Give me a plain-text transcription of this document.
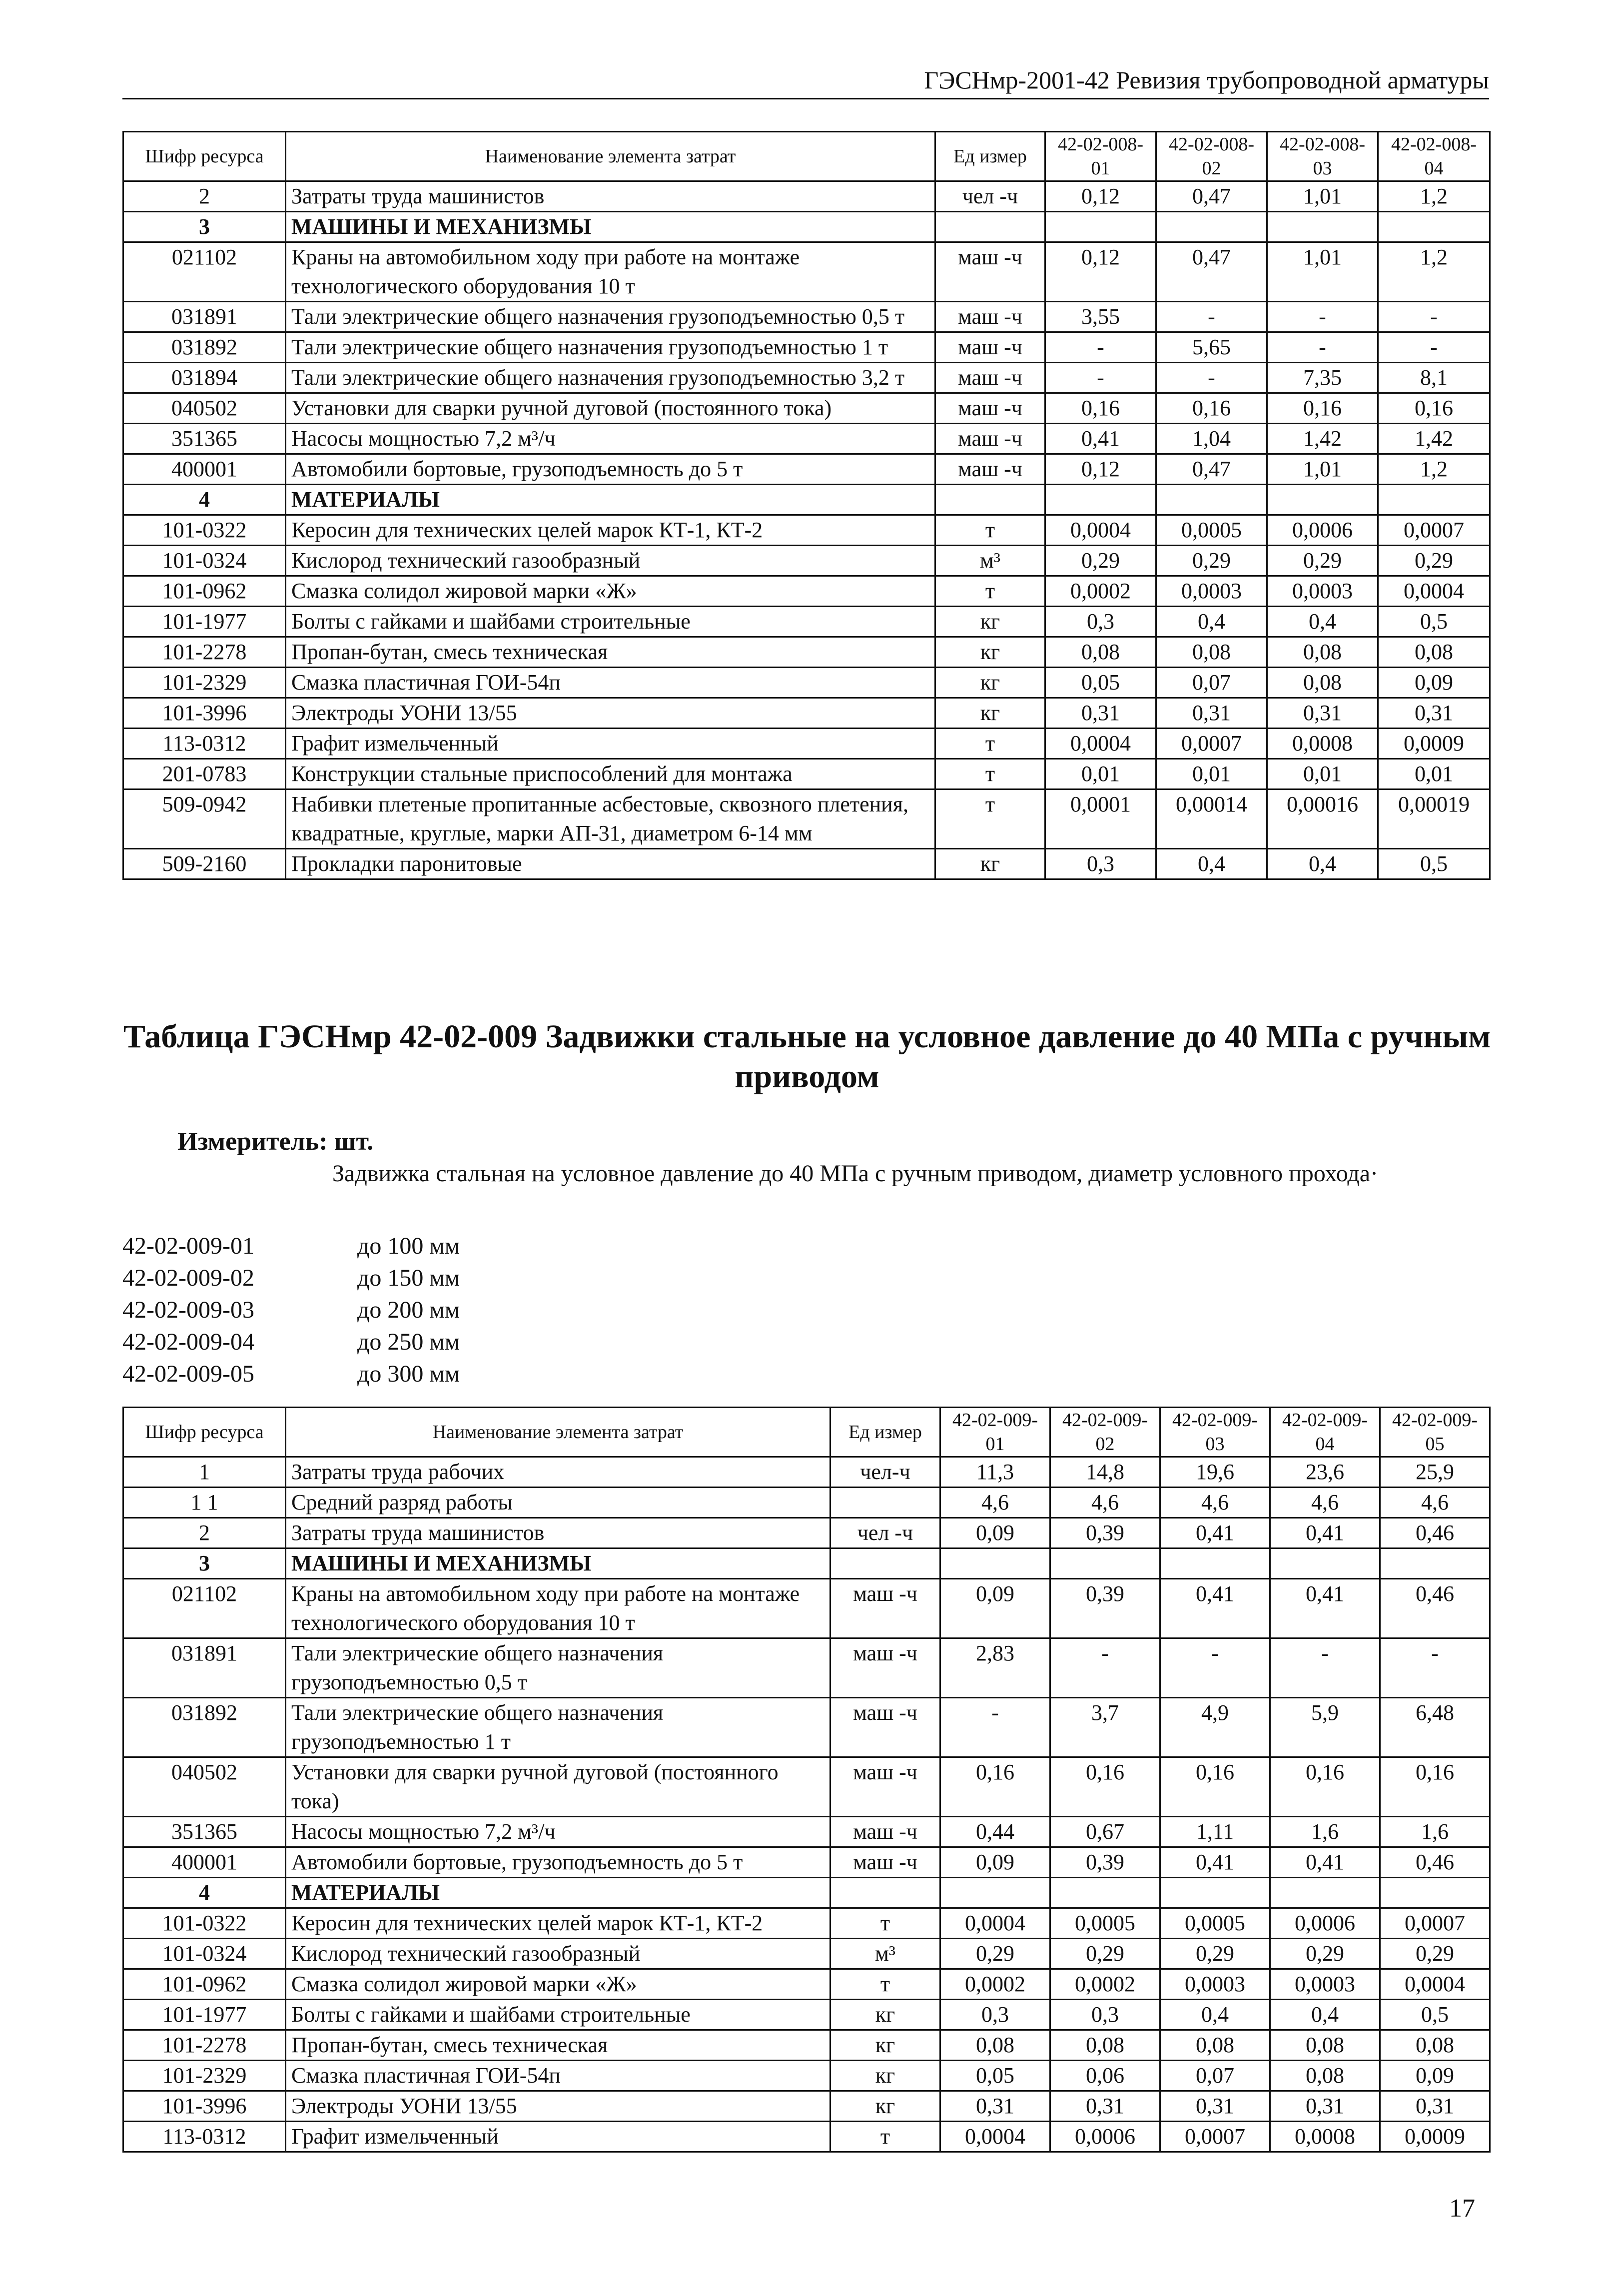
ГЭСНмр-2001-42 Ревизия трубопроводной арматуры
Шифр ресурса	Наименование элемента затрат	Ед измер	42-02-008-01	42-02-008-02	42-02-008-03	42-02-008-04
2	Затраты труда машинистов	чел -ч	0,12	0,47	1,01	1,2
3	МАШИНЫ И МЕХАНИЗМЫ					
021102	Краны на автомобильном ходу при работе на монтаже технологического оборудования 10 т	маш -ч	0,12	0,47	1,01	1,2
031891	Тали электрические общего назначения грузоподъемностью 0,5 т	маш -ч	3,55	-	-	-
031892	Тали электрические общего назначения грузоподъемностью 1 т	маш -ч	-	5,65	-	-
031894	Тали электрические общего назначения грузоподъемностью 3,2 т	маш -ч	-	-	7,35	8,1
040502	Установки для сварки ручной дуговой (постоянного тока)	маш -ч	0,16	0,16	0,16	0,16
351365	Насосы мощностью 7,2 м³/ч	маш -ч	0,41	1,04	1,42	1,42
400001	Автомобили бортовые, грузоподъемность до 5 т	маш -ч	0,12	0,47	1,01	1,2
4	МАТЕРИАЛЫ					
101-0322	Керосин для технических целей марок КТ-1, КТ-2	т	0,0004	0,0005	0,0006	0,0007
101-0324	Кислород технический газообразный	м³	0,29	0,29	0,29	0,29
101-0962	Смазка солидол жировой марки «Ж»	т	0,0002	0,0003	0,0003	0,0004
101-1977	Болты с гайками и шайбами строительные	кг	0,3	0,4	0,4	0,5
101-2278	Пропан-бутан, смесь техническая	кг	0,08	0,08	0,08	0,08
101-2329	Смазка пластичная ГОИ-54п	кг	0,05	0,07	0,08	0,09
101-3996	Электроды УОНИ 13/55	кг	0,31	0,31	0,31	0,31
113-0312	Графит измельченный	т	0,0004	0,0007	0,0008	0,0009
201-0783	Конструкции стальные приспособлений для монтажа	т	0,01	0,01	0,01	0,01
509-0942	Набивки плетеные пропитанные асбестовые, сквозного плетения, квадратные, круглые, марки АП-31, диаметром 6-14 мм	т	0,0001	0,00014	0,00016	0,00019
509-2160	Прокладки паронитовые	кг	0,3	0,4	0,4	0,5
Таблица ГЭСНмр 42-02-009 Задвижки стальные на условное давление до 40 МПа с ручным приводом
Измеритель: шт.
Задвижка стальная на условное давление до 40 МПа с ручным приводом, диаметр условного прохода·
42-02-009-01	до 100 мм
42-02-009-02	до 150 мм
42-02-009-03	до 200 мм
42-02-009-04	до 250 мм
42-02-009-05	до 300 мм
Шифр ресурса	Наименование элемента затрат	Ед измер	42-02-009-01	42-02-009-02	42-02-009-03	42-02-009-04	42-02-009-05
1	Затраты труда рабочих	чел-ч	11,3	14,8	19,6	23,6	25,9
1 1	Средний разряд работы		4,6	4,6	4,6	4,6	4,6
2	Затраты труда машинистов	чел -ч	0,09	0,39	0,41	0,41	0,46
3	МАШИНЫ И МЕХАНИЗМЫ						
021102	Краны на автомобильном ходу при работе на монтаже технологического оборудования 10 т	маш -ч	0,09	0,39	0,41	0,41	0,46
031891	Тали электрические общего назначения грузоподъемностью 0,5 т	маш -ч	2,83	-	-	-	-
031892	Тали электрические общего назначения грузоподъемностью 1 т	маш -ч	-	3,7	4,9	5,9	6,48
040502	Установки для сварки ручной дуговой (постоянного тока)	маш -ч	0,16	0,16	0,16	0,16	0,16
351365	Насосы мощностью 7,2 м³/ч	маш -ч	0,44	0,67	1,11	1,6	1,6
400001	Автомобили бортовые, грузоподъемность до 5 т	маш -ч	0,09	0,39	0,41	0,41	0,46
4	МАТЕРИАЛЫ						
101-0322	Керосин для технических целей марок КТ-1, КТ-2	т	0,0004	0,0005	0,0005	0,0006	0,0007
101-0324	Кислород технический газообразный	м³	0,29	0,29	0,29	0,29	0,29
101-0962	Смазка солидол жировой марки «Ж»	т	0,0002	0,0002	0,0003	0,0003	0,0004
101-1977	Болты с гайками и шайбами строительные	кг	0,3	0,3	0,4	0,4	0,5
101-2278	Пропан-бутан, смесь техническая	кг	0,08	0,08	0,08	0,08	0,08
101-2329	Смазка пластичная ГОИ-54п	кг	0,05	0,06	0,07	0,08	0,09
101-3996	Электроды УОНИ 13/55	кг	0,31	0,31	0,31	0,31	0,31
113-0312	Графит измельченный	т	0,0004	0,0006	0,0007	0,0008	0,0009
17
